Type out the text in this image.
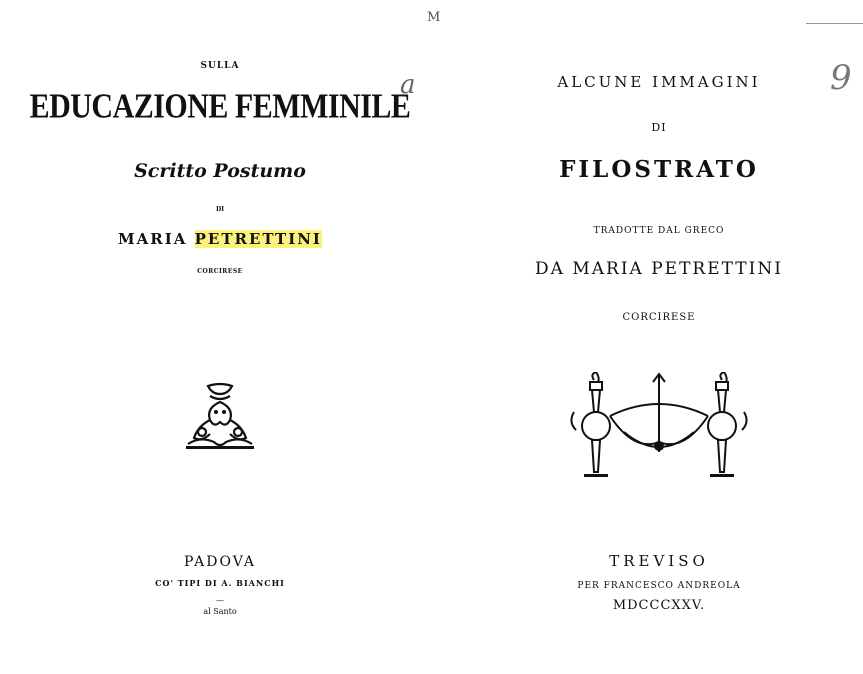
SULLA
EDUCAZIONE FEMMINILE
Scritto Postumo
DI
MARIA PETRETTINI
CORCIRESE
PADOVA
CO' TIPI DI A. BIANCHI
—
al Santo
ALCUNE IMMAGINI
DI
FILOSTRATO
TRADOTTE DAL GRECO
DA MARIA PETRETTINI
CORCIRESE
TREVISO
PER FRANCESCO ANDREOLA
MDCCCXXV.
M
a	9
